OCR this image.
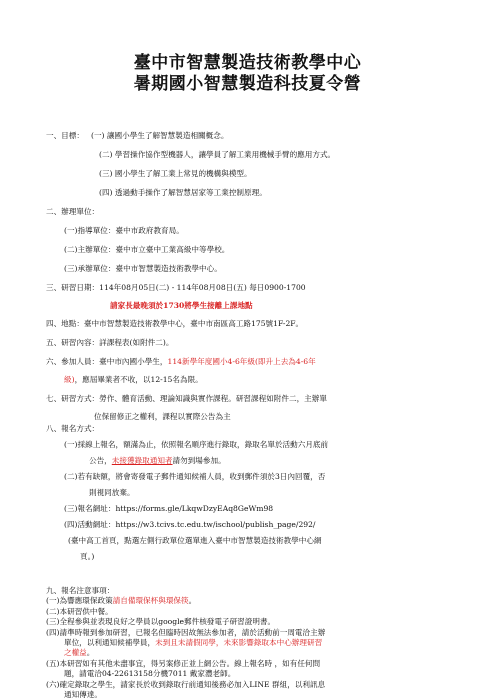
臺中市智慧製造技術教學中心
暑期國小智慧製造科技夏令營
一、目標： (一) 讓國小學生了解智慧製造相關概念。
(二) 學習操作協作型機器人，讓學員了解工業用機械手臂的應用方式。
(三) 國小學生了解工業上常見的機構與模型。
(四) 透過動手操作了解智慧居家等工業控制原理。
二、辦理單位：
(一)指導單位：臺中市政府教育局。
(二)主辦單位：臺中市立臺中工業高級中等學校。
(三)承辦單位：臺中市智慧製造技術教學中心。
三、研習日期：114年08月05日(二) - 114年08月08日(五) 每日0900-1700
請家長最晚須於1730將學生接離上課地點
四、地點：臺中市智慧製造技術教學中心，臺中市南區高工路175號1F-2F。
五、研習內容：詳課程表(如附件二)。
六、參加人員：臺中市內國小學生，114新學年度國小4-6年級(即升上去為4-6年
級)，應屆畢業者不收，以12-15名為限。
七、研習方式：勞作、體育活動、理論知識與實作課程。研習課程如附件二，主辦單
位保留修正之權利，課程以實際公告為主
八、報名方式：
(一)採線上報名，額滿為止，依照報名順序進行錄取，錄取名單於活動六月底前
公告，未接獲錄取通知者請勿到場參加。
(二)若有缺額，將會寄發電子郵件通知候補人員，收到郵件須於3日內回覆，否
則視同放棄。
(三)報名網址：https://forms.gle/LkqwDzyEAq8GeWm98
(四)活動網址：https://w3.tcivs.tc.edu.tw/ischool/publish_page/292/
(臺中高工首頁，點選左側行政單位選單進入臺中市智慧製造技術教學中心網
頁。)
九、報名注意事項：
(一)為響應環保政策請自備環保杯與環保筷。
(二)本研習供中餐。
(三)全程參與並表現良好之學員以google郵件核發電子研習證明書。
(四)請準時報到參加研習，已報名但臨時因故無法參加者，請於活動前一周電洽主辦
單位，以利通知候補學員，未到且未請假同學，未來影響錄取本中心辦理研習
之權益。
(五)本研習如有其他未盡事宜，得另案修正並上網公告。線上報名時 ，如有任何問
題，請電洽04-22613158分機7011 戴家灃老師。
(六)確定錄取之學生，請家長於收到錄取行前通知後務必加入LINE 群組，以利訊息
通知傳達。
